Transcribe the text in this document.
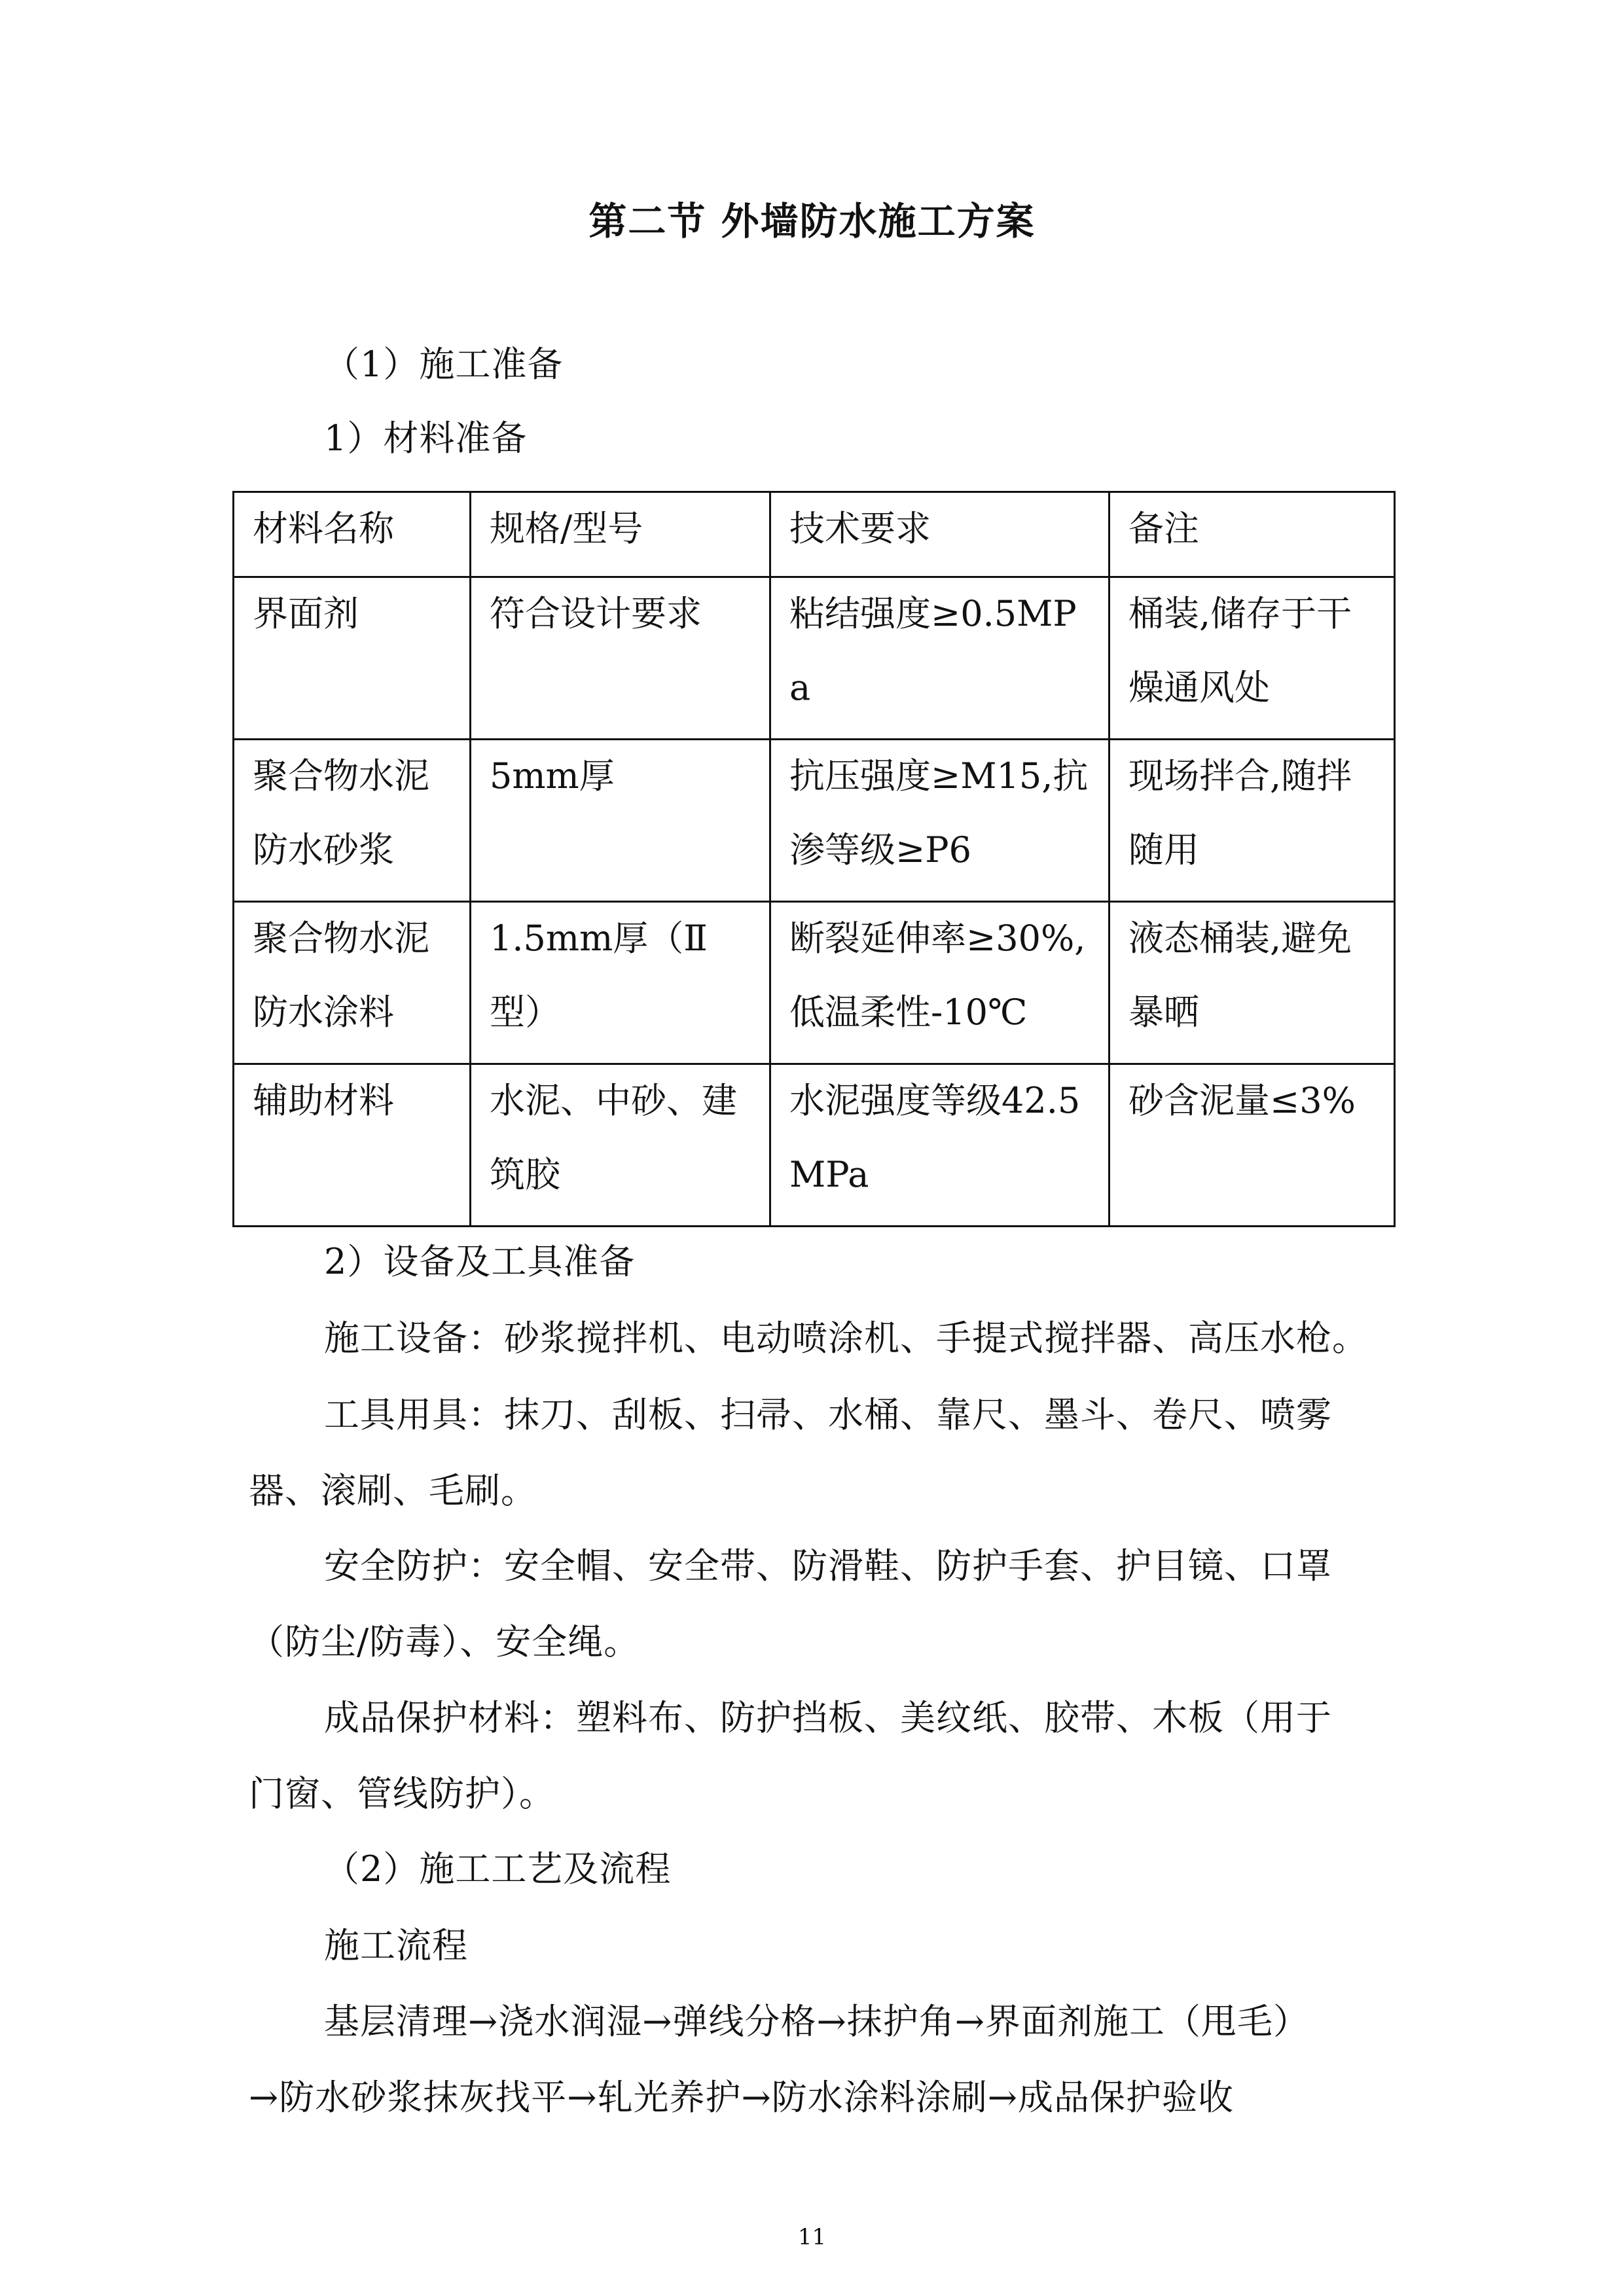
第二节 外墙防水施工方案
（1）施工准备
1）材料准备
材料名称	规格/型号	技术要求	备注

界面剂	符合设计要求	粘结强度≥0.5MPa	桶装,储存于干燥通风处

聚合物水泥防水砂浆	5mm厚	抗压强度≥M15,抗渗等级≥P6	现场拌合,随拌随用

聚合物水泥防水涂料	1.5mm厚（Ⅱ型）	断裂延伸率≥30%,低温柔性-10℃	液态桶装,避免暴晒

辅助材料	水泥、中砂、建筑胶	水泥强度等级42.5MPa	砂含泥量≤3%
2）设备及工具准备
施工设备：砂浆搅拌机、电动喷涂机、手提式搅拌器、高压水枪。
工具用具：抹刀、刮板、扫帚、水桶、靠尺、墨斗、卷尺、喷雾
器、滚刷、毛刷。
安全防护：安全帽、安全带、防滑鞋、防护手套、护目镜、口罩
（防尘/防毒）、安全绳。
成品保护材料：塑料布、防护挡板、美纹纸、胶带、木板（用于
门窗、管线防护）。
（2）施工工艺及流程
施工流程
基层清理→浇水润湿→弹线分格→抹护角→界面剂施工（甩毛）
→防水砂浆抹灰找平→轧光养护→防水涂料涂刷→成品保护验收
11
